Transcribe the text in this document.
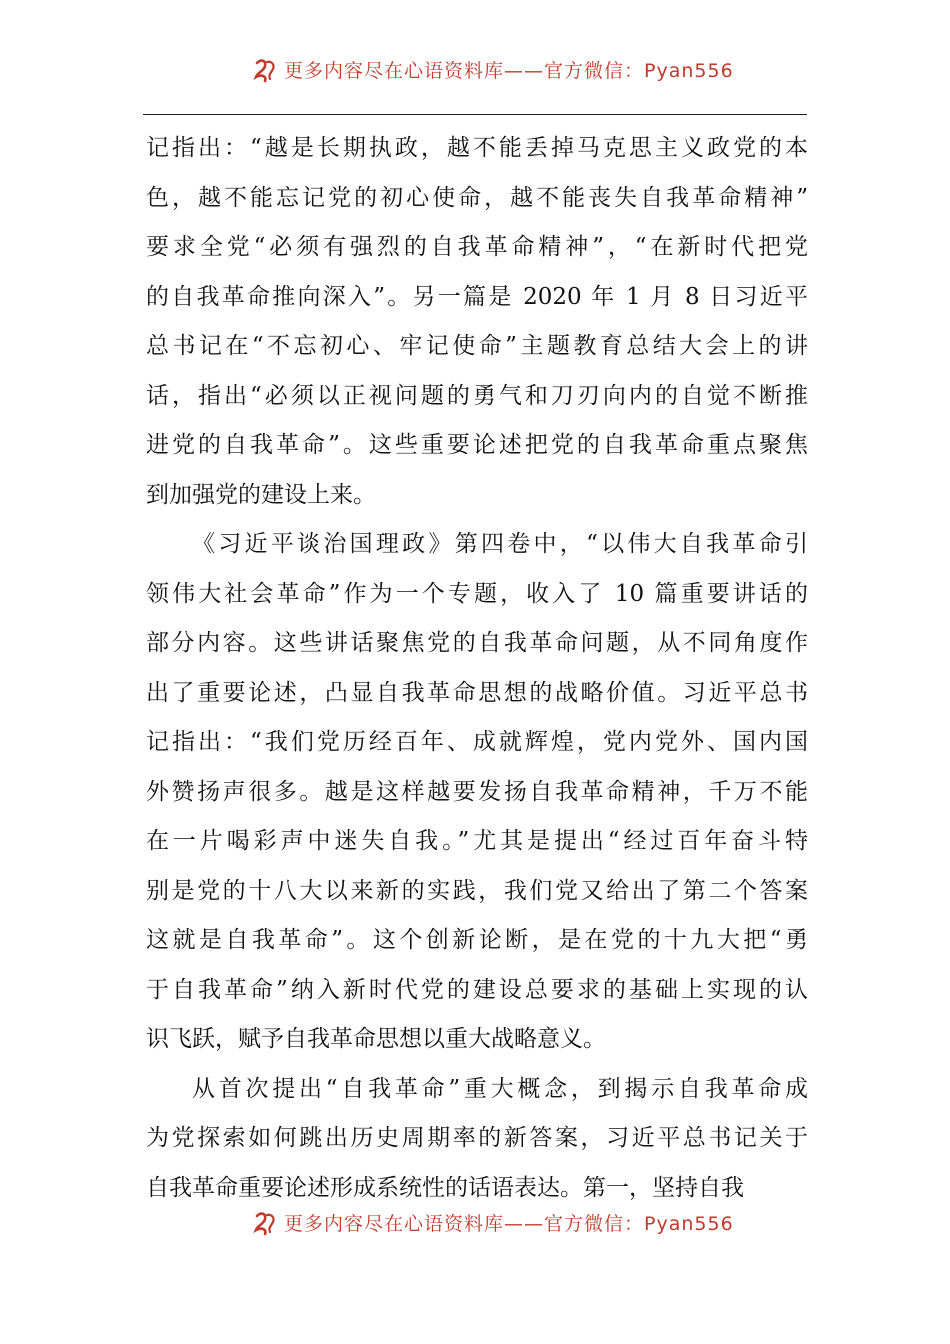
更多内容尽在心语资料库——官方微信：Pyan556
记指出：“越是长期执政，越不能丢掉马克思主义政党的本
色，越不能忘记党的初心使命，越不能丧失自我革命精神”
要求全党“必须有强烈的自我革命精神”，“在新时代把党
的自我革命推向深入”。另一篇是 2020 年 1 月 8 日习近平
总书记在“不忘初心、牢记使命”主题教育总结大会上的讲
话，指出“必须以正视问题的勇气和刀刃向内的自觉不断推
进党的自我革命”。这些重要论述把党的自我革命重点聚焦
到加强党的建设上来。
《习近平谈治国理政》第四卷中，“以伟大自我革命引
领伟大社会革命”作为一个专题，收入了 10 篇重要讲话的
部分内容。这些讲话聚焦党的自我革命问题，从不同角度作
出了重要论述，凸显自我革命思想的战略价值。习近平总书
记指出：“我们党历经百年、成就辉煌，党内党外、国内国
外赞扬声很多。越是这样越要发扬自我革命精神，千万不能
在一片喝彩声中迷失自我。”尤其是提出“经过百年奋斗特
别是党的十八大以来新的实践，我们党又给出了第二个答案
这就是自我革命”。这个创新论断，是在党的十九大把“勇
于自我革命”纳入新时代党的建设总要求的基础上实现的认
识飞跃，赋予自我革命思想以重大战略意义。
从首次提出“自我革命”重大概念，到揭示自我革命成
为党探索如何跳出历史周期率的新答案，习近平总书记关于
自我革命重要论述形成系统性的话语表达。第一，坚持自我
更多内容尽在心语资料库——官方微信：Pyan556
